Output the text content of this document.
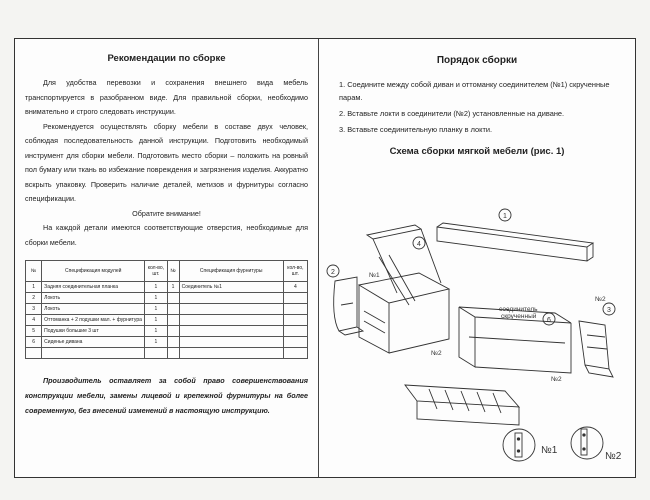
Рекомендации по сборке

Для удобства перевозки и сохранения внешнего вида мебель транспортируется в разобранном виде. Для правильной сборки, необходимо внимательно и строго следовать инструкции.

Рекомендуется осуществлять сборку мебели в составе двух человек, соблюдая последовательность данной инструкции. Подготовить необходимый инструмент для сборки мебели. Подготовить место сборки – положить на ровный пол бумагу или ткань во избежание повреждения и загрязнения изделия. Аккуратно вскрыть упаковку. Проверить наличие деталей, метизов и фурнитуры согласно спецификации.

Обратите внимание!

На каждой детали имеются соответствующие отверстия, необходимые для сборки мебели.

№	Спецификация модулей	кол-во, шт.	№	Спецификация фурнитуры	кол-во, шт.
1	Задняя соединительная планка	1	1	Соединитель №1	4
2	Локоть	1			
3	Локоть	1			
4	Оттоманка + 2 подушки мал. + фурнитура	1			
5	Подушки большие 3 шт	1			
6	Сиденье дивана	1			

Производитель оставляет за собой право совершенствования конструкции мебели, замены лицевой и крепежной фурнитуры на более современную, без внесений изменений в настоящую инструкцию.
Порядок сборки
1. Соедините между собой диван и оттоманку соединителем (№1) скрученные парам.
2. Вставьте локти в соединители (№2) установленные на диване.
3. Вставьте соединительную планку в локти.
Схема сборки мягкой мебели (рис. 1)
1
2
3
4
6
№1
№2
№2
№2
соединитель
скрученный
№1
№2
